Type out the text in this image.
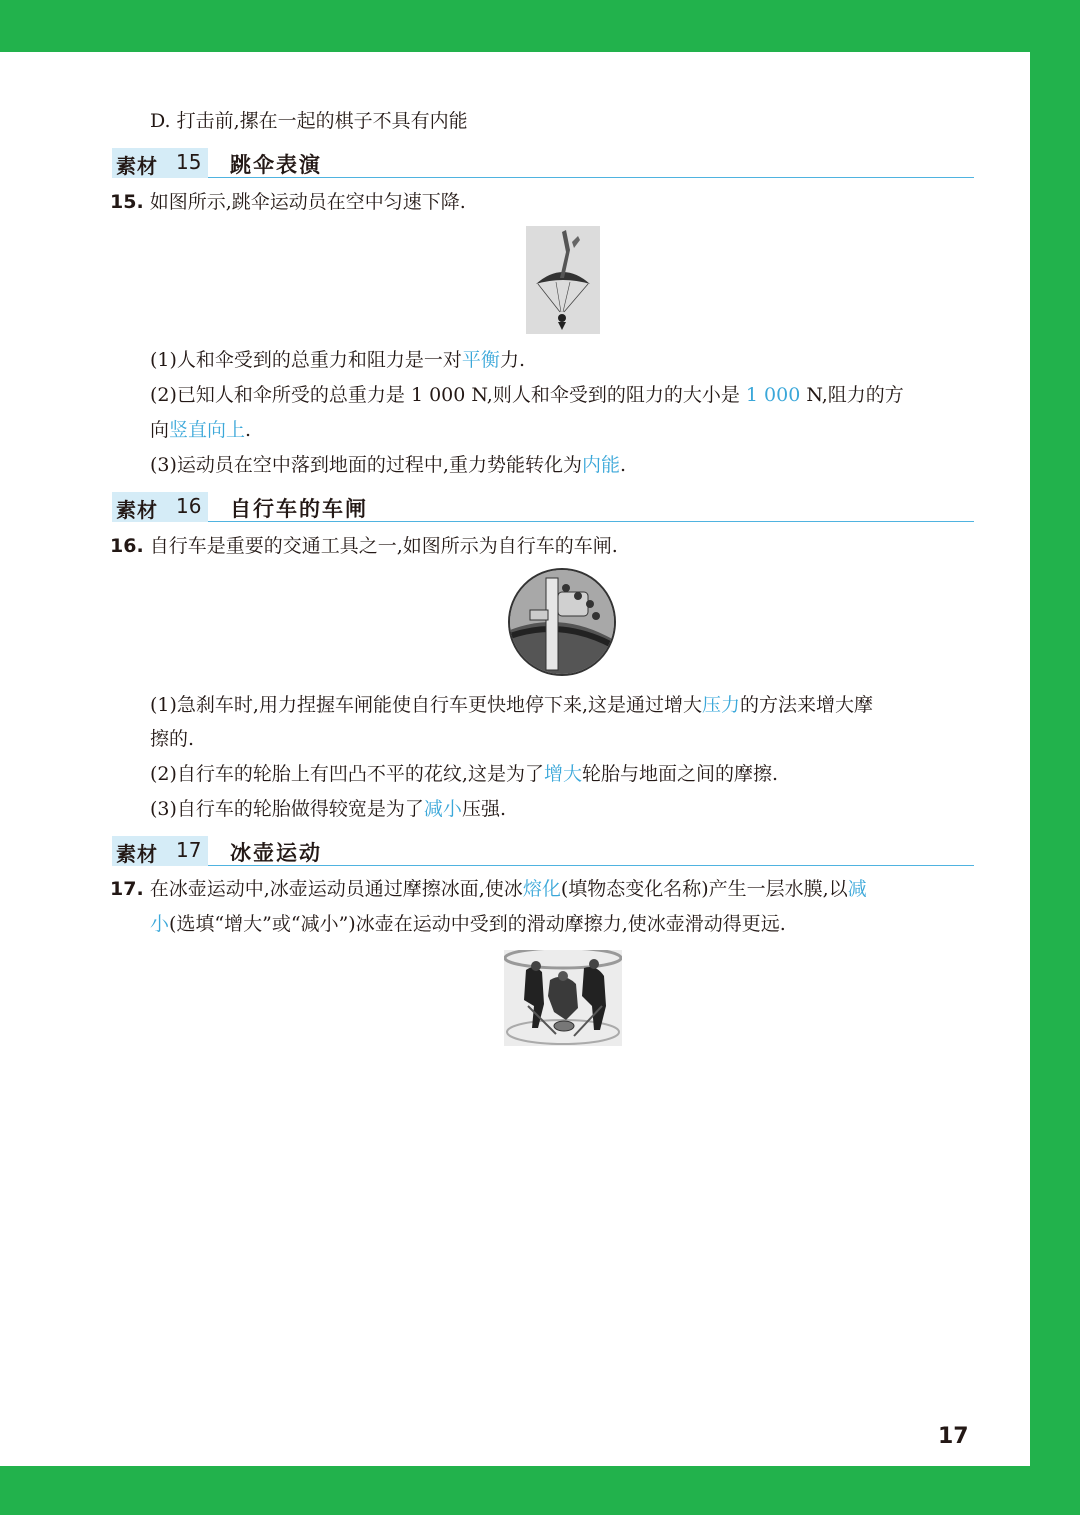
D. 打击前,摞在一起的棋子不具有内能
素材 15 跳伞表演
15. 如图所示,跳伞运动员在空中匀速下降.
(1)人和伞受到的总重力和阻力是一对平衡力.
(2)已知人和伞所受的总重力是 1 000 N,则人和伞受到的阻力的大小是 1 000 N,阻力的方
向竖直向上.
(3)运动员在空中落到地面的过程中,重力势能转化为内能.
素材 16 自行车的车闸
16. 自行车是重要的交通工具之一,如图所示为自行车的车闸.
(1)急刹车时,用力捏握车闸能使自行车更快地停下来,这是通过增大压力的方法来增大摩
擦的.
(2)自行车的轮胎上有凹凸不平的花纹,这是为了增大轮胎与地面之间的摩擦.
(3)自行车的轮胎做得较宽是为了减小压强.
素材 17 冰壶运动
17. 在冰壶运动中,冰壶运动员通过摩擦冰面,使冰熔化(填物态变化名称)产生一层水膜,以减
小(选填“增大”或“减小”)冰壶在运动中受到的滑动摩擦力,使冰壶滑动得更远.
17
